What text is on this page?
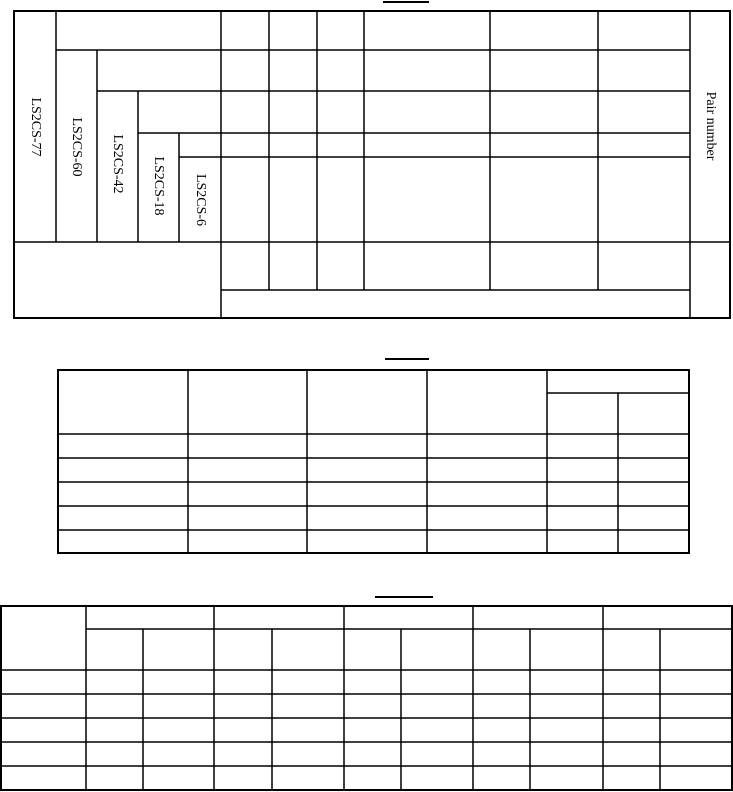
LS2CS-77 LS2CS-60 LS2CS-42 LS2CS-18 LS2CS-6
Pair number
